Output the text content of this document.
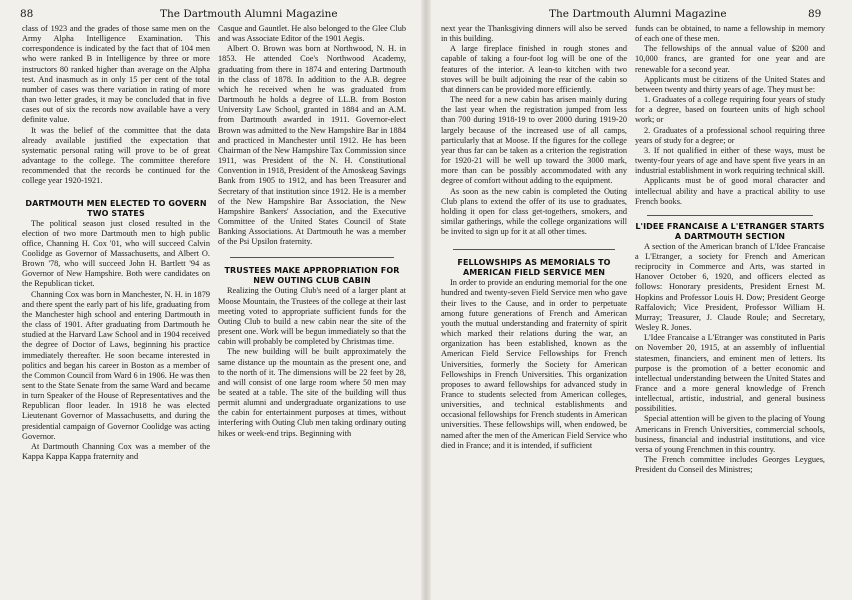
88	The Dartmouth Alumni Magazine

class of 1923 and the grades of those same men on the Army Alpha Intelligence Examination. This correspondence is indicated by the fact that of 104 men who were ranked B in Intelligence by three or more instructors 80 ranked higher than average on the Alpha test. And inasmuch as in only 15 per cent of the total number of cases was there variation in rating of more than two letter grades, it may be concluded that in five cases out of six the records now available have a very definite value.

It was the belief of the committee that the data already available justified the expectation that systematic personal rating will prove to be of great advantage to the college. The committee therefore recommended that the records be continued for the college year 1920-1921.

DARTMOUTH MEN ELECTED TO GOVERN TWO STATES

The political season just closed resulted in the election of two more Dartmouth men to high public office, Channing H. Cox '01, who will succeed Calvin Coolidge as Governor of Massachusetts, and Albert O. Brown '78, who will succeed John H. Bartlett '94 as Governor of New Hampshire. Both were candidates on the Republican ticket.

Channing Cox was born in Manchester, N. H. in 1879 and there spent the early part of his life, graduating from the Manchester high school and entering Dartmouth in the class of 1901. After graduating from Dartmouth he studied at the Harvard Law School and in 1904 received the degree of Doctor of Laws, beginning his practice immediately thereafter. He soon became interested in politics and began his career in Boston as a member of the Common Council from Ward 6 in 1906. He was then sent to the State Senate from the same Ward and became in turn Speaker of the House of Representatives and the Republican floor leader. In 1918 he was elected Lieutenant Governor of Massachusetts, and during the presidential campaign of Governor Coolidge was acting Governor.

At Dartmouth Channing Cox was a member of the Kappa Kappa Kappa fraternity and

Casque and Gauntlet. He also belonged to the Glee Club and was Associate Editor of the 1901 Aegis.

Albert O. Brown was born at Northwood, N. H. in 1853. He attended Coe's Northwood Academy, graduating from there in 1874 and entering Dartmouth in the class of 1878. In addition to the A.B. degree which he received when he was graduated from Dartmouth he holds a degree of LL.B. from Boston University Law School, granted in 1884 and an A.M. from Dartmouth awarded in 1911. Governor-elect Brown was admitted to the New Hampshire Bar in 1884 and practiced in Manchester until 1912. He has been Chairman of the New Hampshire Tax Commission since 1911, was President of the N. H. Constitutional Convention in 1918, President of the Amoskeag Savings Bank from 1905 to 1912, and has been Treasurer and Secretary of that institution since 1912. He is a member of the New Hampshire Bar Association, the New Hampshire Bankers' Association, and the Executive Committee of the United States Council of State Banking Associations. At Dartmouth he was a member of the Psi Upsilon fraternity.

TRUSTEES MAKE APPROPRIATION FOR NEW OUTING CLUB CABIN

Realizing the Outing Club's need of a larger plant at Moose Mountain, the Trustees of the college at their last meeting voted to appropriate sufficient funds for the Outing Club to build a new cabin near the site of the present one. Work will be begun immediately so that the cabin will probably be completed by Christmas time.

The new building will be built approximately the same distance up the mountain as the present one, and to the north of it. The dimensions will be 22 feet by 28, and will consist of one large room where 50 men may be seated at a table. The site of the building will thus permit alumni and undergraduate organizations to use the cabin for entertainment purposes at times, without interfering with Outing Club men taking ordinary outing hikes or week-end trips. Beginning with

The Dartmouth Alumni Magazine	89

next year the Thanksgiving dinners will also be served in this building.

A large fireplace finished in rough stones and capable of taking a four-foot log will be one of the features of the interior. A lean-to kitchen with two stoves will be built adjoining the rear of the cabin so that dinners can be provided more efficiently.

The need for a new cabin has arisen mainly during the last year when the registration jumped from less than 700 during 1918-19 to over 2000 during 1919-20 largely because of the increased use of all camps, particularly that at Moose. If the figures for the college year thus far can be taken as a criterion the registration for 1920-21 will be well up toward the 3000 mark, more than can be possibly accommodated with any degree of comfort without adding to the equipment.

As soon as the new cabin is completed the Outing Club plans to extend the offer of its use to graduates, holding it open for class get-togethers, smokers, and similar gatherings, while the college organizations will be invited to sign up for it at all other times.

FELLOWSHIPS AS MEMORIALS TO AMERICAN FIELD SERVICE MEN

In order to provide an enduring memorial for the one hundred and twenty-seven Field Service men who gave their lives to the Cause, and in order to perpetuate among future generations of French and American youth the mutual understanding and fraternity of spirit which marked their relations during the war, an organization has been established, known as the American Field Service Fellowships for French Universities, formerly the Society for American Fellowships in French Universities. This organization proposes to award fellowships for advanced study in France to students selected from American colleges, universities, and technical establishments and occasional fellowships for French students in American universities. These fellowships will, when endowed, be named after the men of the American Field Service who died in France; and it is intended, if sufficient

funds can be obtained, to name a fellowship in memory of each one of these men.

The fellowships of the annual value of $200 and 10,000 francs, are granted for one year and are renewable for a second year.

Applicants must be citizens of the United States and between twenty and thirty years of age. They must be:

1. Graduates of a college requiring four years of study for a degree, based on fourteen units of high school work; or

2. Graduates of a professional school requiring three years of study for a degree; or

3. If not qualified in either of these ways, must be twenty-four years of age and have spent five years in an industrial establishment in work requiring technical skill.

Applicants must be of good moral character and intellectual ability and have a practical ability to use French books.

L'IDEE FRANCAISE A L'ETRANGER STARTS A DARTMOUTH SECTION

A section of the American branch of L'Idee Francaise a L'Etranger, a society for French and American reciprocity in Commerce and Arts, was started in Hanover October 6, 1920, and officers elected as follows: Honorary presidents, President Ernest M. Hopkins and Professor Louis H. Dow; President George Raffalovich; Vice President, Professor William H. Murray; Treasurer, J. Claude Roule; and Secretary, Wesley R. Jones.

L'Idee Francaise a L'Etranger was constituted in Paris on November 20, 1915, at an assembly of influential statesmen, financiers, and eminent men of letters. Its purpose is the promotion of a better economic and intellectual understanding between the United States and France and a more general knowledge of French intellectual, artistic, industrial, and general business possibilities.

Special attention will be given to the placing of Young Americans in French Universities, commercial schools, business, financial and industrial institutions, and vice versa of young Frenchmen in this country.

The French committee includes Georges Leygues, President du Conseil des Ministres;
